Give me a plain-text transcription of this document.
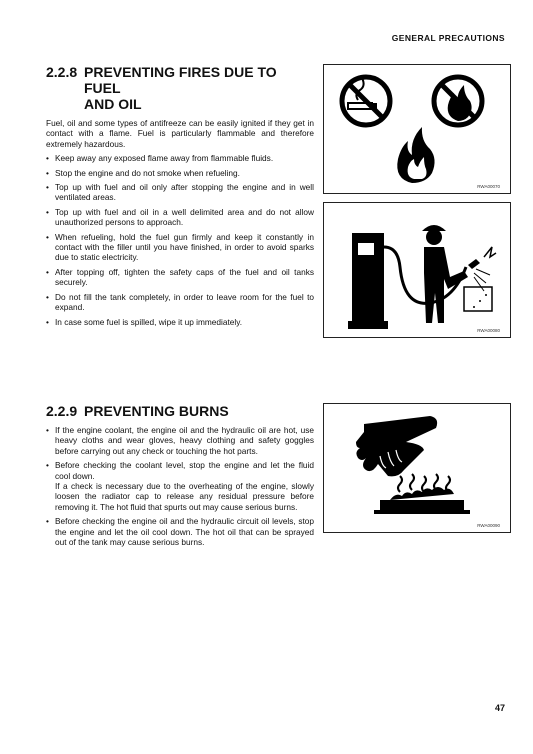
GENERAL PRECAUTIONS
2.2.8 PREVENTING FIRES DUE TO FUEL
AND OIL

Fuel, oil and some types of antifreeze can be easily ignited if they get in contact with a flame. Fuel is particularly flammable and therefore extremely hazardous.

• Keep away any exposed flame away from flammable fluids.
• Stop the engine and do not smoke when refueling.
• Top up with fuel and oil only after stopping the engine and in well ventilated areas.
• Top up with fuel and oil in a well delimited area and do not allow unauthorized persons to approach.
• When refueling, hold the fuel gun firmly and keep it constantly in contact with the filler until you have finished, in order to avoid sparks due to static electricity.
• After topping off, tighten the safety caps of the fuel and oil tanks securely.
• Do not fill the tank completely, in order to leave room for the fuel to expand.
• In case some fuel is spilled, wipe it up immediately.
2.2.9 PREVENTING BURNS
• If the engine coolant, the engine oil and the hydraulic oil are hot, use heavy cloths and wear gloves, heavy clothing and safety goggles before carrying out any check or touching the hot parts.
• Before checking the coolant level, stop the engine and let the fluid cool down.
If a check is necessary due to the overheating of the engine, slowly loosen the radiator cap to release any residual pressure before removing it. The hot fluid that spurts out may cause serious burns.
• Before checking the engine oil and the hydraulic circuit oil levels, stop the engine and let the oil cool down. The hot oil that can be sprayed out of the tank may cause serious burns.
RWA00070
RWA00080
RWA00090
47
